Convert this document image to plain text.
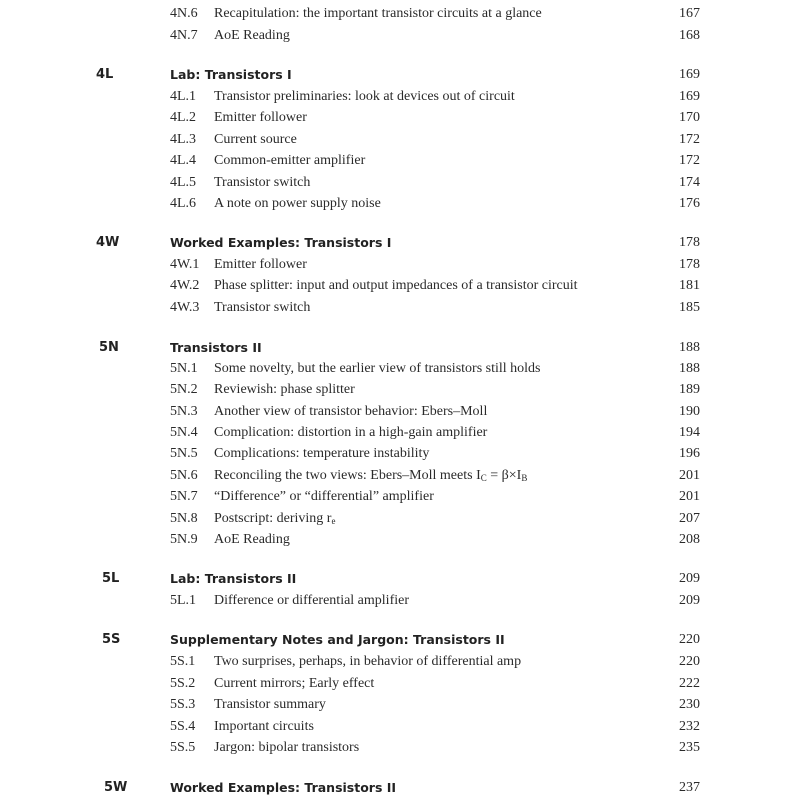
4N.6 Recapitulation: the important transistor circuits at a glance	167
4N.7 AoE Reading	168
4L	Lab: Transistors I	169
4L.1 Transistor preliminaries: look at devices out of circuit	169
4L.2 Emitter follower	170
4L.3 Current source	172
4L.4 Common-emitter amplifier	172
4L.5 Transistor switch	174
4L.6 A note on power supply noise	176
4W	Worked Examples: Transistors I	178
4W.1 Emitter follower	178
4W.2 Phase splitter: input and output impedances of a transistor circuit	181
4W.3 Transistor switch	185
5N	Transistors II	188
5N.1 Some novelty, but the earlier view of transistors still holds	188
5N.2 Reviewish: phase splitter	189
5N.3 Another view of transistor behavior: Ebers–Moll	190
5N.4 Complication: distortion in a high-gain amplifier	194
5N.5 Complications: temperature instability	196
5N.6 Reconciling the two views: Ebers–Moll meets $I_C = \beta\times I_B$	201
5N.7 “Difference” or “differential” amplifier	201
5N.8 Postscript: deriving $r_e$	207
5N.9 AoE Reading	208
5L	Lab: Transistors II	209
5L.1 Difference or differential amplifier	209
5S	Supplementary Notes and Jargon: Transistors II	220
5S.1 Two surprises, perhaps, in behavior of differential amp	220
5S.2 Current mirrors; Early effect	222
5S.3 Transistor summary	230
5S.4 Important circuits	232
5S.5 Jargon: bipolar transistors	235
5W	Worked Examples: Transistors II	237
